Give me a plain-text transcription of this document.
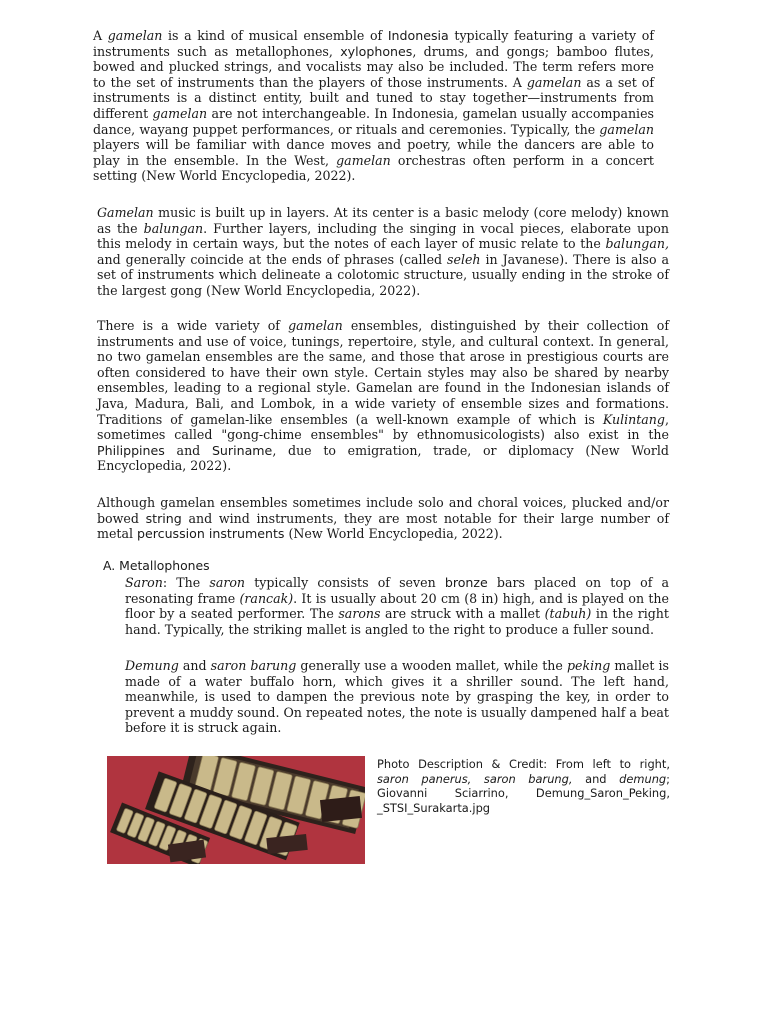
A gamelan is a kind of musical ensemble of Indonesia typically featuring a variety of instruments such as metallophones, xylophones, drums, and gongs; bamboo flutes, bowed and plucked strings, and vocalists may also be included. The term refers more to the set of instruments than the players of those instruments. A gamelan as a set of instruments is a distinct entity, built and tuned to stay together—instruments from different gamelan are not interchangeable. In Indonesia, gamelan usually accompanies dance, wayang puppet performances, or rituals and ceremonies. Typically, the gamelan players will be familiar with dance moves and poetry, while the dancers are able to play in the ensemble. In the West, gamelan orchestras often perform in a concert setting (New World Encyclopedia, 2022).

Gamelan music is built up in layers. At its center is a basic melody (core melody) known as the balungan. Further layers, including the singing in vocal pieces, elaborate upon this melody in certain ways, but the notes of each layer of music relate to the balungan, and generally coincide at the ends of phrases (called seleh in Javanese). There is also a set of instruments which delineate a colotomic structure, usually ending in the stroke of the largest gong (New World Encyclopedia, 2022).

There is a wide variety of gamelan ensembles, distinguished by their collection of instruments and use of voice, tunings, repertoire, style, and cultural context. In general, no two gamelan ensembles are the same, and those that arose in prestigious courts are often considered to have their own style. Certain styles may also be shared by nearby ensembles, leading to a regional style. Gamelan are found in the Indonesian islands of Java, Madura, Bali, and Lombok, in a wide variety of ensemble sizes and formations. Traditions of gamelan-like ensembles (a well-known example of which is Kulintang, sometimes called "gong-chime ensembles" by ethnomusicologists) also exist in the Philippines and Suriname, due to emigration, trade, or diplomacy (New World Encyclopedia, 2022).

Although gamelan ensembles sometimes include solo and choral voices, plucked and/or bowed string and wind instruments, they are most notable for their large number of metal percussion instruments (New World Encyclopedia, 2022).

A. Metallophones

Saron: The saron typically consists of seven bronze bars placed on top of a resonating frame (rancak). It is usually about 20 cm (8 in) high, and is played on the floor by a seated performer. The sarons are struck with a mallet (tabuh) in the right hand. Typically, the striking mallet is angled to the right to produce a fuller sound.

Demung and saron barung generally use a wooden mallet, while the peking mallet is made of a water buffalo horn, which gives it a shriller sound. The left hand, meanwhile, is used to dampen the previous note by grasping the key, in order to prevent a muddy sound. On repeated notes, the note is usually dampened half a beat before it is struck again.

Photo Description & Credit: From left to right, saron panerus, saron barung, and demung; Giovanni Sciarrino, Demung_Saron_Peking, _STSI_Surakarta.jpg
